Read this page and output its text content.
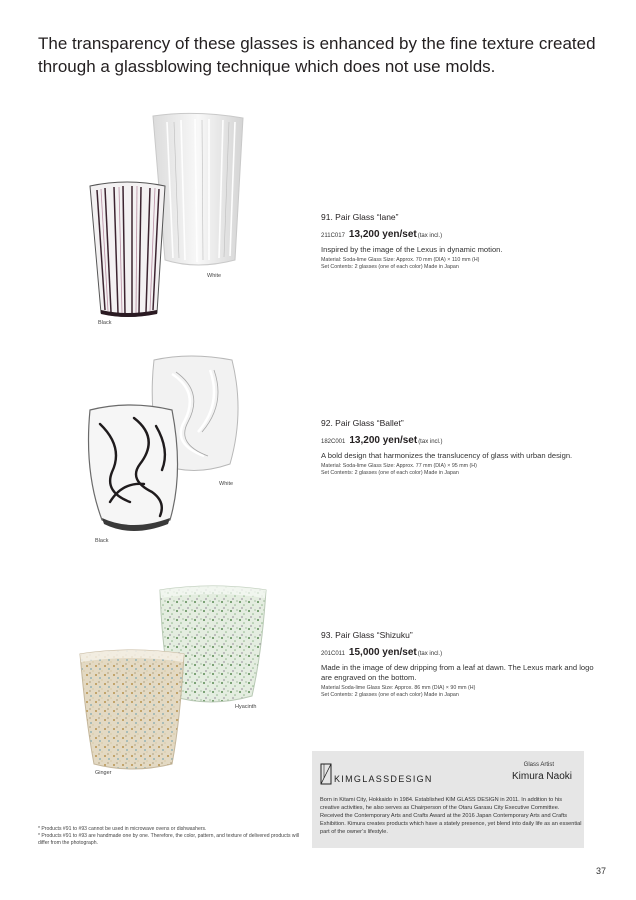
The transparency of these glasses is enhanced by the fine texture created
through a glassblowing technique which does not use molds.
White
Black
White
Black
Hyacinth
Ginger
91. Pair Glass “lane”
211C017 13,200 yen/set(tax incl.)
Inspired by the image of the Lexus in dynamic motion.
Material: Soda-lime Glass Size: Approx. 70 mm (DIA) × 110 mm (H)
Set Contents: 2 glasses (one of each color) Made in Japan
92. Pair Glass “Ballet”
182C001 13,200 yen/set(tax incl.)
A bold design that harmonizes the translucency of glass with urban design.
Material: Soda-lime Glass Size: Approx. 77 mm (DIA) × 95 mm (H)
Set Contents: 2 glasses (one of each color) Made in Japan
93. Pair Glass “Shizuku”
201C011 15,000 yen/set(tax incl.)
Made in the image of dew dripping from a leaf at dawn. The Lexus mark and logo are engraved on the bottom.
Material Soda-lime Glass Size: Approx. 86 mm (DIA) × 90 mm (H)
Set Contents: 2 glasses (one of each color) Made in Japan
KIMGLASSDESIGN
Glass Artist
Kimura Naoki
Born in Kitami City, Hokkaido in 1984. Established KIM GLASS DESIGN in 2011. In addition to his creative activities, he also serves as Chairperson of the Otaru Garasu City Executive Committee. Received the Contemporary Arts and Crafts Award at the 2016 Japan Contemporary Arts and Crafts Exhibition. Kimura creates products which have a stately presence, yet blend into daily life as an essential part of the owner’s lifestyle.
* Products #91 to #93 cannot be used in microwave ovens or dishwashers.
* Products #91 to #93 are handmade one by one. Therefore, the color, pattern, and texture of delivered products will differ from the photograph.
37
